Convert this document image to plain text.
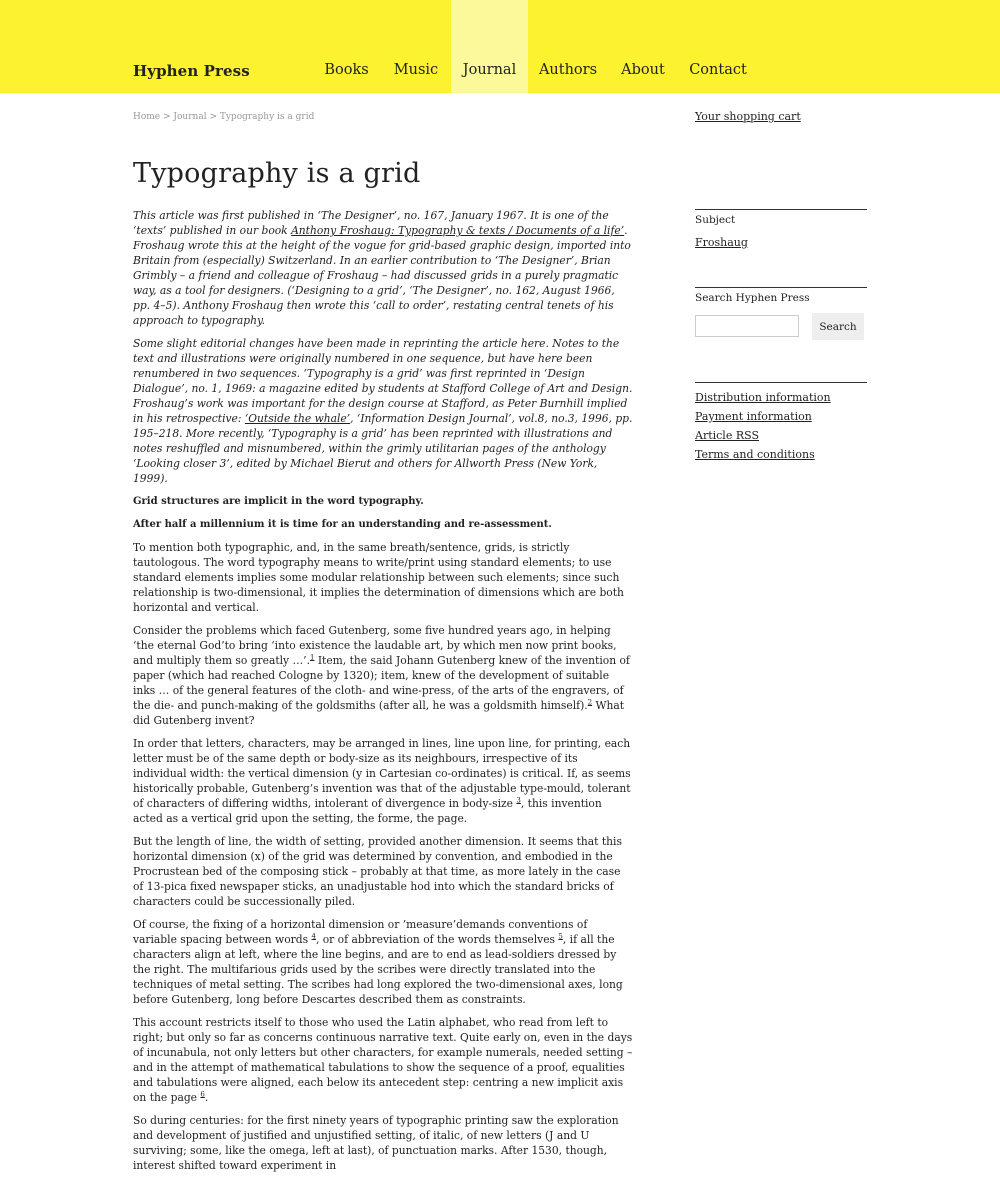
Hyphen Press	Books	Music	Journal	Authors	About	Contact
Home > Journal > Typography is a grid	Your shopping cart
Typography is a grid

This article was first published in ‘The Designer’, no. 167, January 1967. It is one of the ‘texts’ published in our book Anthony Froshaug: Typography & texts / Documents of a life’. Froshaug wrote this at the height of the vogue for grid-based graphic design, imported into Britain from (especially) Switzerland. In an earlier contribution to ‘The Designer’, Brian Grimbly – a friend and colleague of Froshaug – had discussed grids in a purely pragmatic way, as a tool for designers. (‘Designing to a grid’, ‘The Designer’, no. 162, August 1966, pp. 4–5). Anthony Froshaug then wrote this ‘call to order’, restating central tenets of his approach to typography.

Some slight editorial changes have been made in reprinting the article here. Notes to the text and illustrations were originally numbered in one sequence, but have here been renumbered in two sequences. ‘Typography is a grid’ was first reprinted in ‘Design Dialogue’, no. 1, 1969: a magazine edited by students at Stafford College of Art and Design. Froshaug’s work was important for the design course at Stafford, as Peter Burnhill implied in his retrospective: ‘Outside the whale’, ‘Information Design Journal’, vol.8, no.3, 1996, pp. 195–218. More recently, ‘Typography is a grid’ has been reprinted with illustrations and notes reshuffled and misnumbered, within the grimly utilitarian pages of the anthology ‘Looking closer 3’, edited by Michael Bierut and others for Allworth Press (New York, 1999).

Grid structures are implicit in the word typography.

After half a millennium it is time for an understanding and re-assessment.

To mention both typographic, and, in the same breath/sentence, grids, is strictly tautologous. The word typography means to write/print using standard elements; to use standard elements implies some modular relationship between such elements; since such relationship is two-dimensional, it implies the determination of dimensions which are both horizontal and vertical.

Consider the problems which faced Gutenberg, some five hundred years ago, in helping ‘the eternal God’to bring ‘into existence the laudable art, by which men now print books, and multiply them so greatly …’.$^1$ Item, the said Johann Gutenberg knew of the invention of paper (which had reached Cologne by 1320); item, knew of the development of suitable inks … of the general features of the cloth- and wine-press, of the arts of the engravers, of the die- and punch-making of the goldsmiths (after all, he was a goldsmith himself).$^2$ What did Gutenberg invent?

In order that letters, characters, may be arranged in lines, line upon line, for printing, each letter must be of the same depth or body-size as its neighbours, irrespective of its individual width: the vertical dimension (y in Cartesian co-ordinates) is critical. If, as seems historically probable, Gutenberg’s invention was that of the adjustable type-mould, tolerant of characters of differing widths, intolerant of divergence in body-size $^3$, this invention acted as a vertical grid upon the setting, the forme, the page.

But the length of line, the width of setting, provided another dimension. It seems that this horizontal dimension (x) of the grid was determined by convention, and embodied in the Procrustean bed of the composing stick – probably at that time, as more lately in the case of 13-pica fixed newspaper sticks, an unadjustable hod into which the standard bricks of characters could be successionally piled.

Of course, the fixing of a horizontal dimension or ’measure’demands conventions of variable spacing between words $^4$, or of abbreviation of the words themselves $^5$, if all the characters align at left, where the line begins, and are to end as lead-soldiers dressed by the right. The multifarious grids used by the scribes were directly translated into the techniques of metal setting. The scribes had long explored the two-dimensional axes, long before Gutenberg, long before Descartes described them as constraints.

This account restricts itself to those who used the Latin alphabet, who read from left to right; but only so far as concerns continuous narrative text. Quite early on, even in the days of incunabula, not only letters but other characters, for example numerals, needed setting – and in the attempt of mathematical tabulations to show the sequence of a proof, equalities and tabulations were aligned, each below its antecedent step: centring a new implicit axis on the page $^6$.

So during centuries: for the first ninety years of typographic printing saw the exploration and development of justified and unjustified setting, of italic, of new letters (J and U surviving; some, like the omega, left at last), of punctuation marks. After 1530, though, interest shifted toward experiment in

Subject
Froshaug
Search Hyphen Press
Search
Distribution information
Payment information
Article RSS
Terms and conditions
